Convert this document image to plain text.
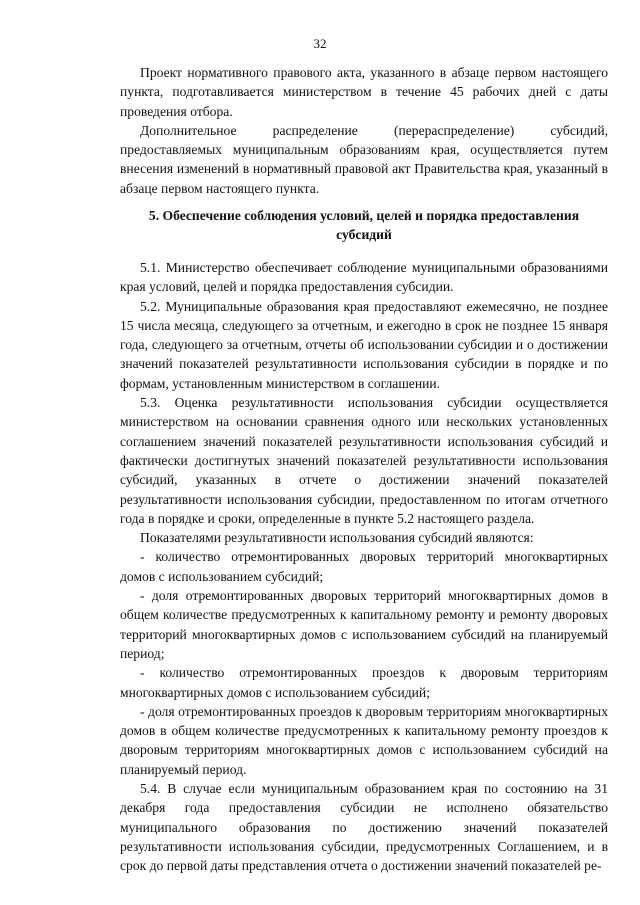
32

Проект нормативного правового акта, указанного в абзаце первом настоящего пункта, подготавливается министерством в течение 45 рабочих дней с даты проведения отбора.

Дополнительное распределение (перераспределение) субсидий, предоставляемых муниципальным образованиям края, осуществляется путем внесения изменений в нормативный правовой акт Правительства края, указанный в абзаце первом настоящего пункта.

5. Обеспечение соблюдения условий, целей и порядка предоставления субсидий

5.1. Министерство обеспечивает соблюдение муниципальными образованиями края условий, целей и порядка предоставления субсидии.

5.2. Муниципальные образования края предоставляют ежемесячно, не позднее 15 числа месяца, следующего за отчетным, и ежегодно в срок не позднее 15 января года, следующего за отчетным, отчеты об использовании субсидии и о достижении значений показателей результативности использования субсидии в порядке и по формам, установленным министерством в соглашении.

5.3. Оценка результативности использования субсидии осуществляется министерством на основании сравнения одного или нескольких установленных соглашением значений показателей результативности использования субсидий и фактически достигнутых значений показателей результативности использования субсидий, указанных в отчете о достижении значений показателей результативности использования субсидии, предоставленном по итогам отчетного года в порядке и сроки, определенные в пункте 5.2 настоящего раздела.

Показателями результативности использования субсидий являются:

- количество отремонтированных дворовых территорий многоквартирных домов с использованием субсидий;

- доля отремонтированных дворовых территорий многоквартирных домов в общем количестве предусмотренных к капитальному ремонту и ремонту дворовых территорий многоквартирных домов с использованием субсидий на планируемый период;

- количество отремонтированных проездов к дворовым территориям многоквартирных домов с использованием субсидий;

- доля отремонтированных проездов к дворовым территориям многоквартирных домов в общем количестве предусмотренных к капитальному ремонту проездов к дворовым территориям многоквартирных домов с использованием субсидий на планируемый период.

5.4. В случае если муниципальным образованием края по состоянию на 31 декабря года предоставления субсидии не исполнено обязательство муниципального образования по достижению значений показателей результативности использования субсидии, предусмотренных Соглашением, и в срок до первой даты представления отчета о достижении значений показателей ре-
